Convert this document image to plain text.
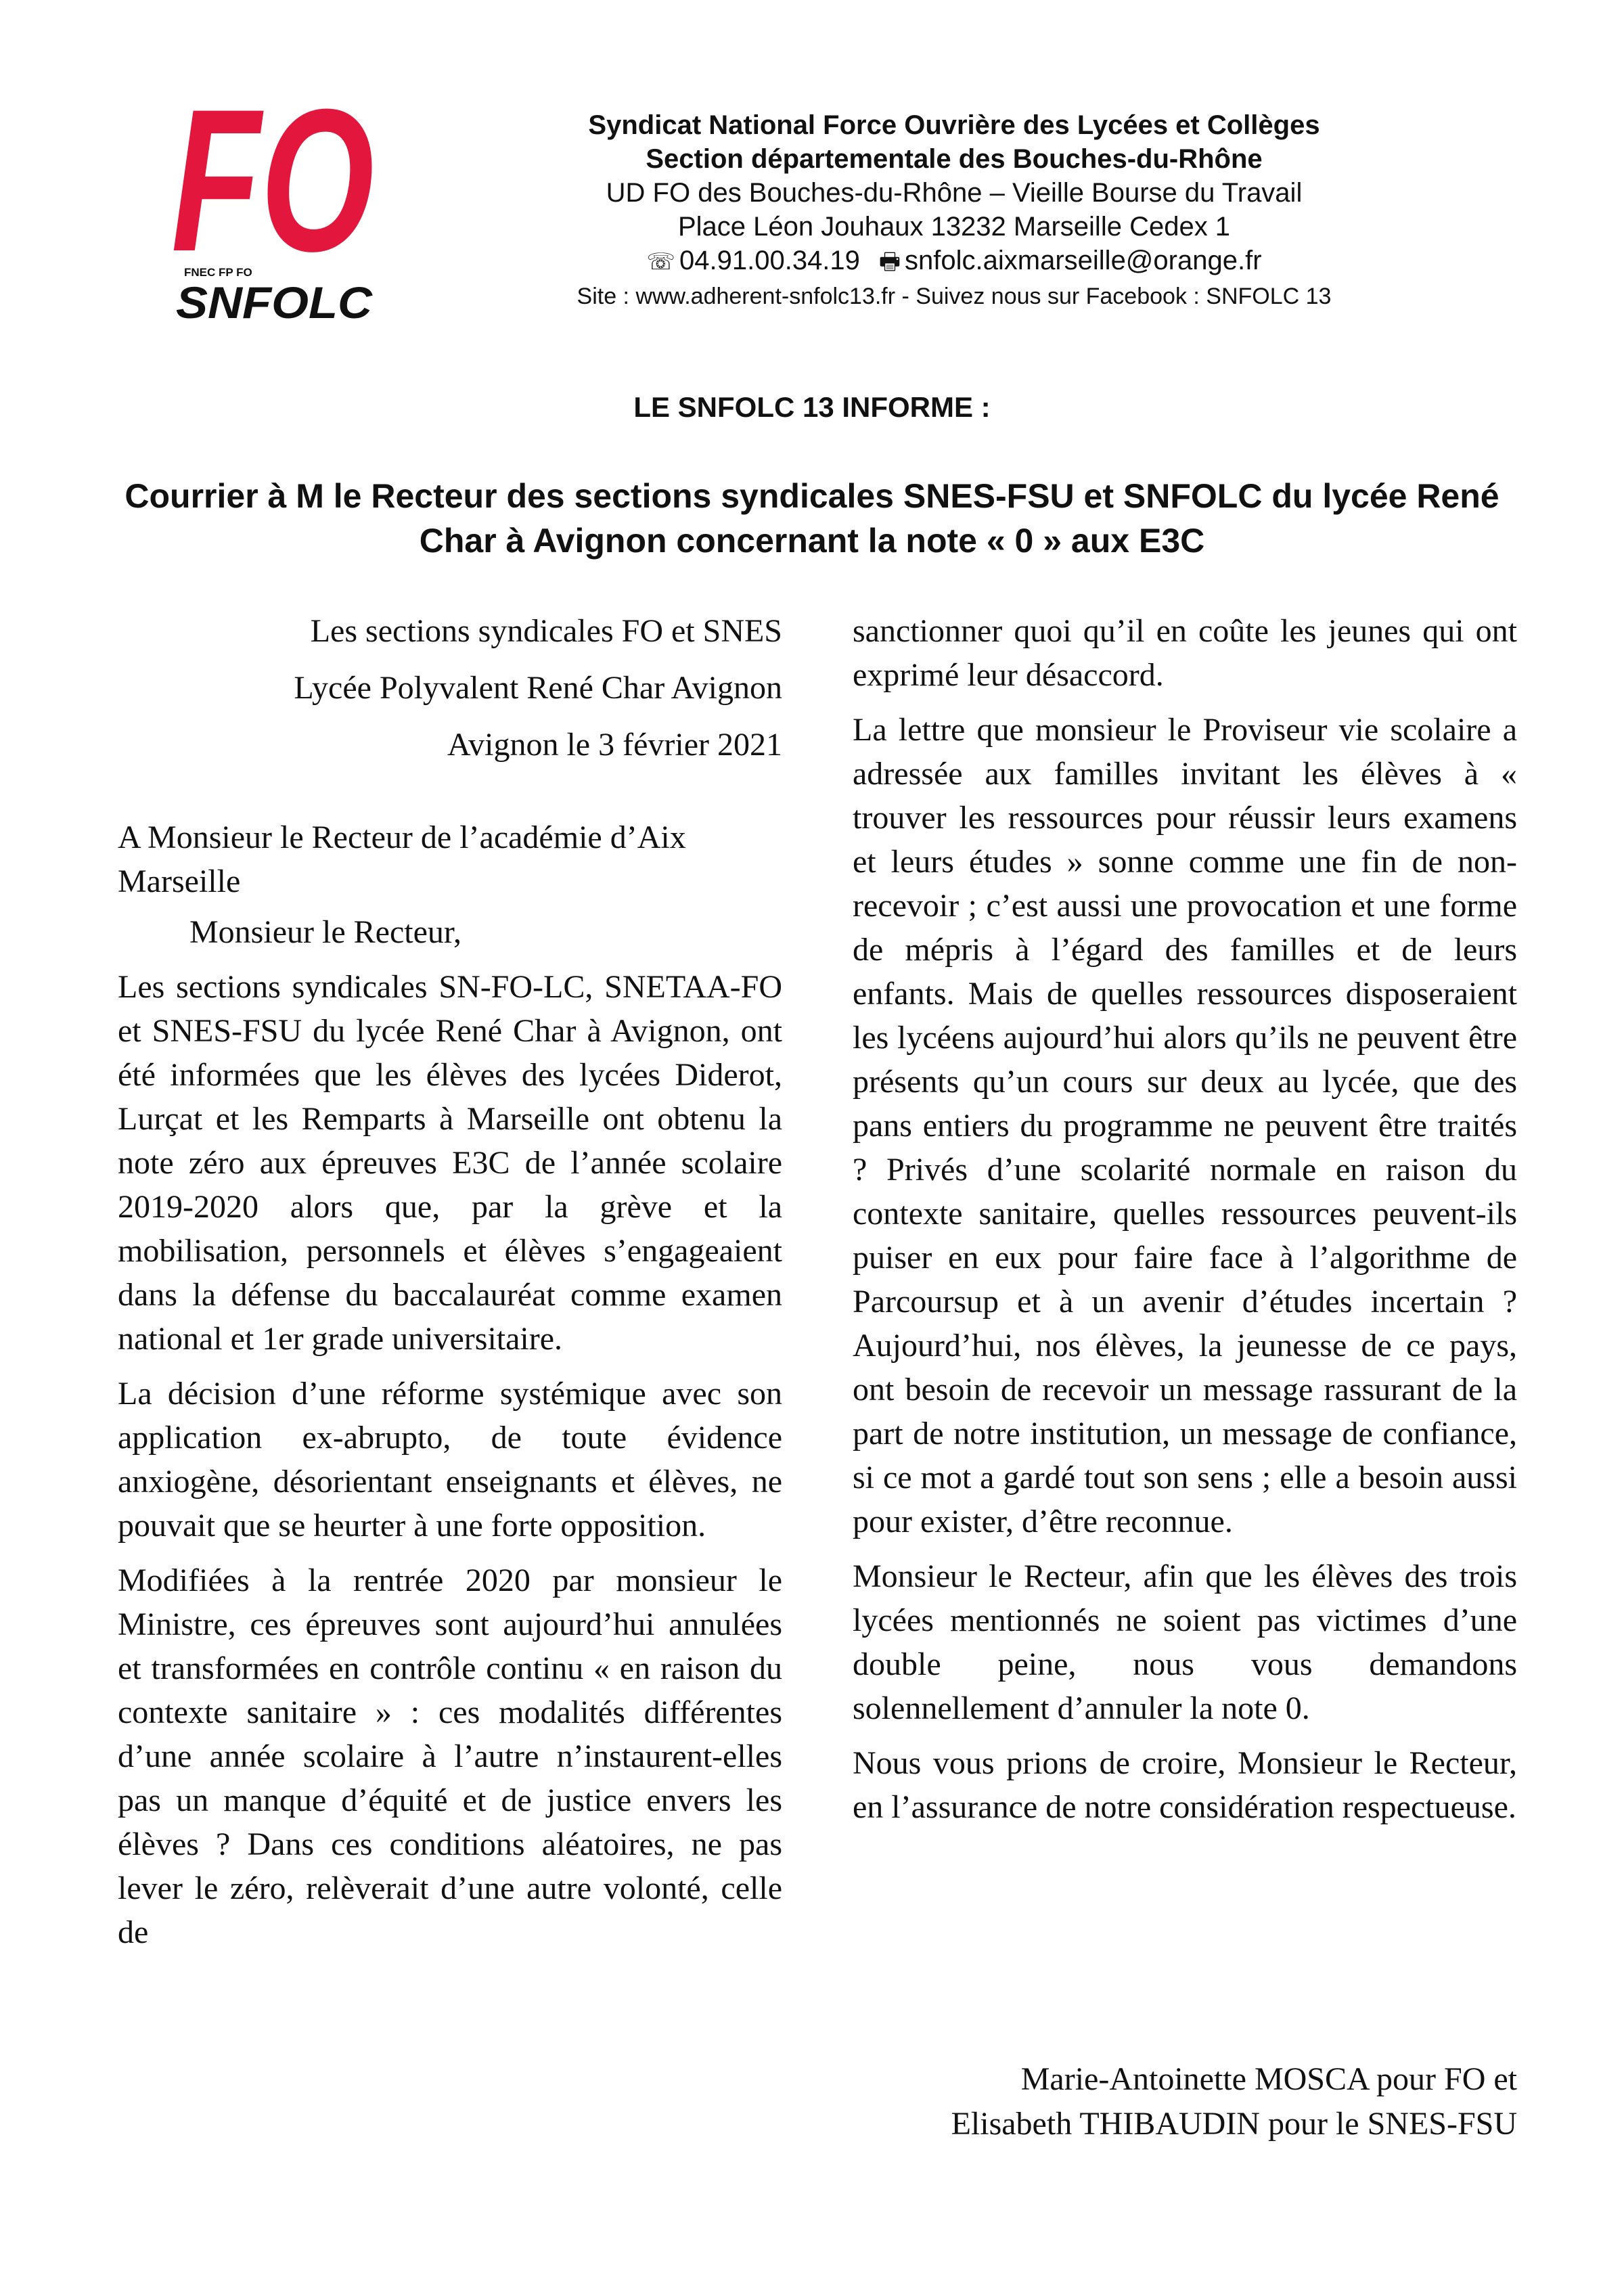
FO
FNEC FP FO
SNFOLC
Syndicat National Force Ouvrière des Lycées et Collèges
Section départementale des Bouches-du-Rhône
UD FO des Bouches-du-Rhône – Vieille Bourse du Travail
Place Léon Jouhaux 13232 Marseille Cedex 1
☏ 04.91.00.34.19 🖶 snfolc.aixmarseille@orange.fr
Site : www.adherent-snfolc13.fr - Suivez nous sur Facebook : SNFOLC 13
LE SNFOLC 13 INFORME :
Courrier à M le Recteur des sections syndicales SNES-FSU et SNFOLC du lycée René Char à Avignon concernant la note « 0 » aux E3C
Les sections syndicales FO et SNES
Lycée Polyvalent René Char Avignon
Avignon le 3 février 2021
A Monsieur le Recteur de l’académie d’Aix Marseille
Monsieur le Recteur,

Les sections syndicales SN-FO-LC, SNETAA-FO et SNES-FSU du lycée René Char à Avignon, ont été informées que les élèves des lycées Diderot, Lurçat et les Remparts à Marseille ont obtenu la note zéro aux épreuves E3C de l’année scolaire 2019-2020 alors que, par la grève et la mobilisation, personnels et élèves s’engageaient dans la défense du baccalauréat comme examen national et 1er grade universitaire.

La décision d’une réforme systémique avec son application ex-abrupto, de toute évidence anxiogène, désorientant enseignants et élèves, ne pouvait que se heurter à une forte opposition.

Modifiées à la rentrée 2020 par monsieur le Ministre, ces épreuves sont aujourd’hui annulées et transformées en contrôle continu « en raison du contexte sanitaire » : ces modalités différentes d’une année scolaire à l’autre n’instaurent-elles pas un manque d’équité et de justice envers les élèves ? Dans ces conditions aléatoires, ne pas lever le zéro, relèverait d’une autre volonté, celle de

sanctionner quoi qu’il en coûte les jeunes qui ont exprimé leur désaccord.

La lettre que monsieur le Proviseur vie scolaire a adressée aux familles invitant les élèves à « trouver les ressources pour réussir leurs examens et leurs études » sonne comme une fin de non-recevoir ; c’est aussi une provocation et une forme de mépris à l’égard des familles et de leurs enfants. Mais de quelles ressources disposeraient les lycéens aujourd’hui alors qu’ils ne peuvent être présents qu’un cours sur deux au lycée, que des pans entiers du programme ne peuvent être traités ? Privés d’une scolarité normale en raison du contexte sanitaire, quelles ressources peuvent-ils puiser en eux pour faire face à l’algorithme de Parcoursup et à un avenir d’études incertain ? Aujourd’hui, nos élèves, la jeunesse de ce pays, ont besoin de recevoir un message rassurant de la part de notre institution, un message de confiance, si ce mot a gardé tout son sens ; elle a besoin aussi pour exister, d’être reconnue.

Monsieur le Recteur, afin que les élèves des trois lycées mentionnés ne soient pas victimes d’une double peine, nous vous demandons solennellement d’annuler la note 0.

Nous vous prions de croire, Monsieur le Recteur, en l’assurance de notre considération respectueuse.

Marie-Antoinette MOSCA pour FO et
Elisabeth THIBAUDIN pour le SNES-FSU
